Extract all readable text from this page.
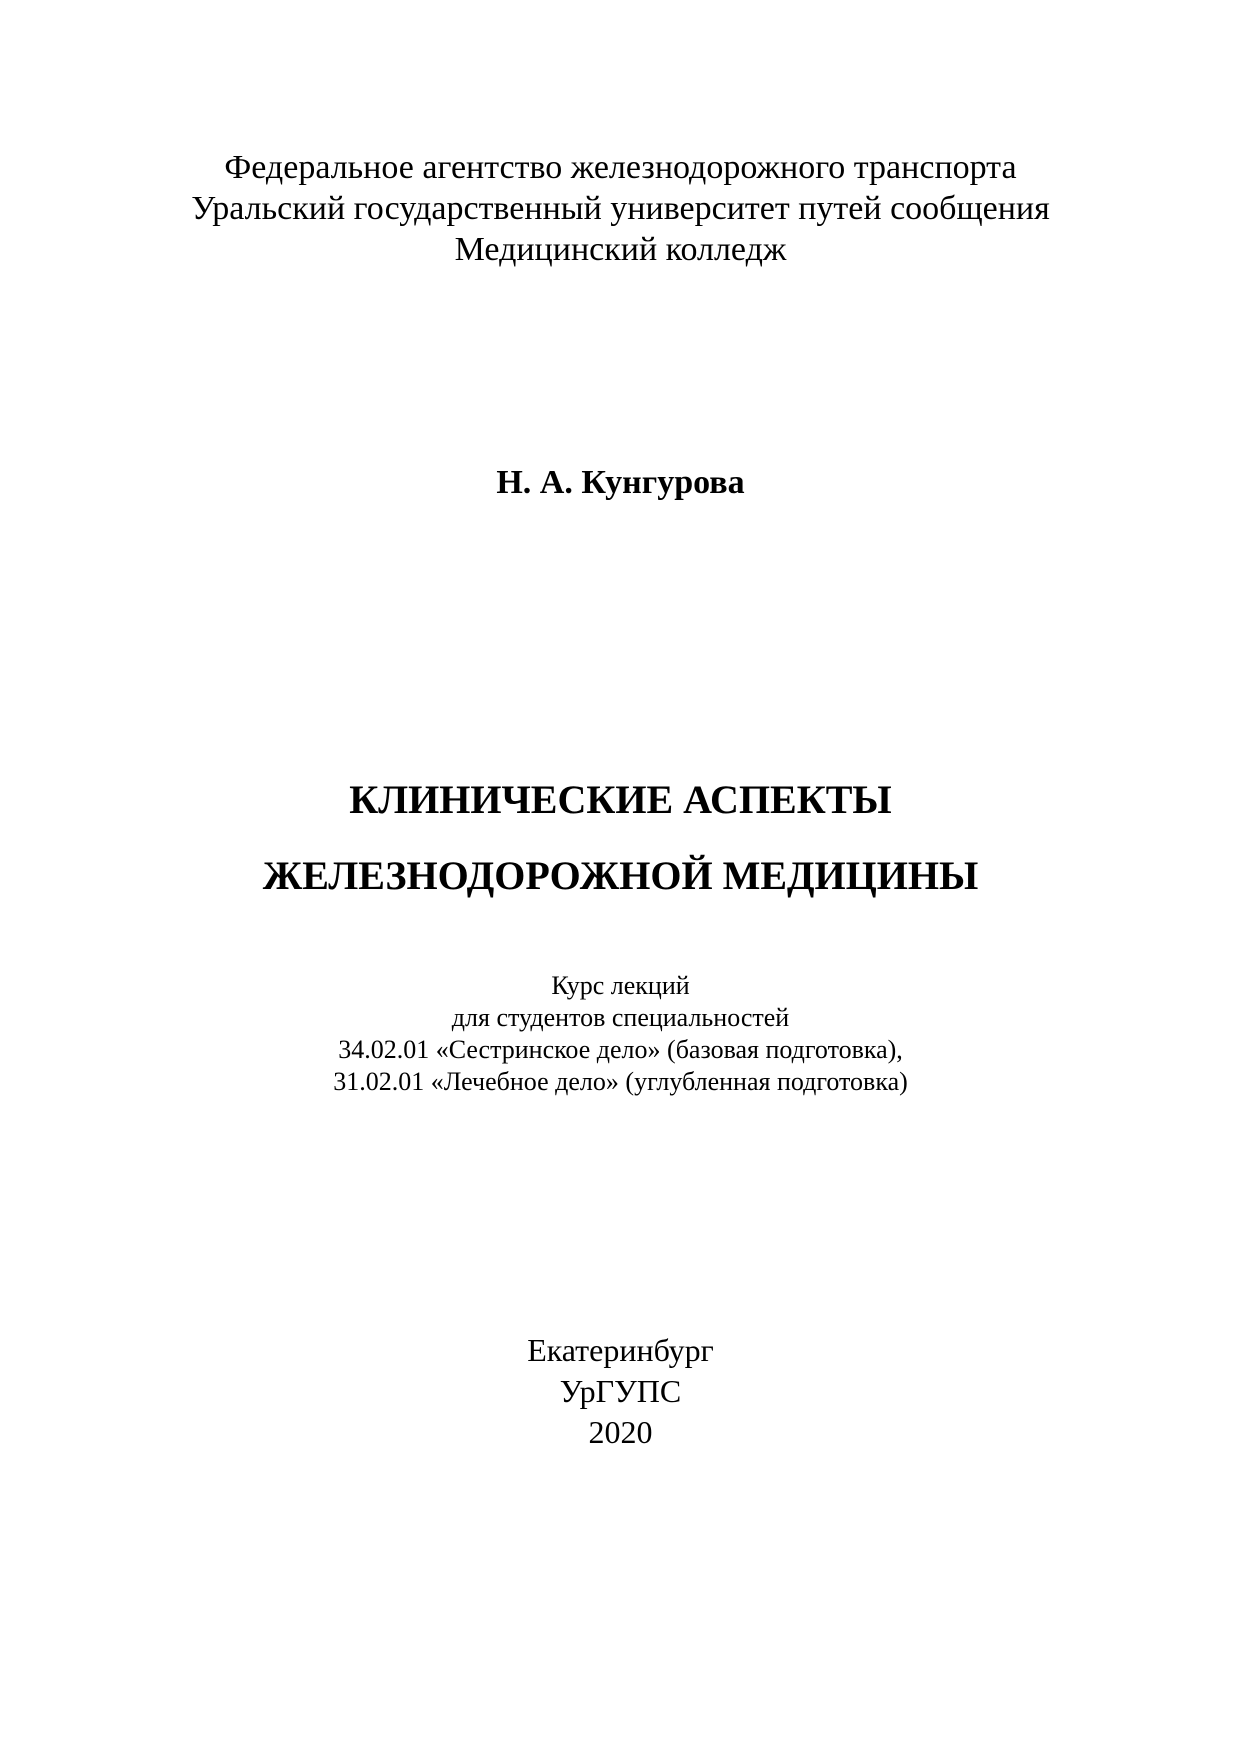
Федеральное агентство железнодорожного транспорта
Уральский государственный университет путей сообщения
Медицинский колледж
Н. А. Кунгурова
КЛИНИЧЕСКИЕ АСПЕКТЫ
ЖЕЛЕЗНОДОРОЖНОЙ МЕДИЦИНЫ
Курс лекций
для студентов специальностей
34.02.01 «Сестринское дело» (базовая подготовка),
31.02.01 «Лечебное дело» (углубленная подготовка)
Екатеринбург
УрГУПС
2020
